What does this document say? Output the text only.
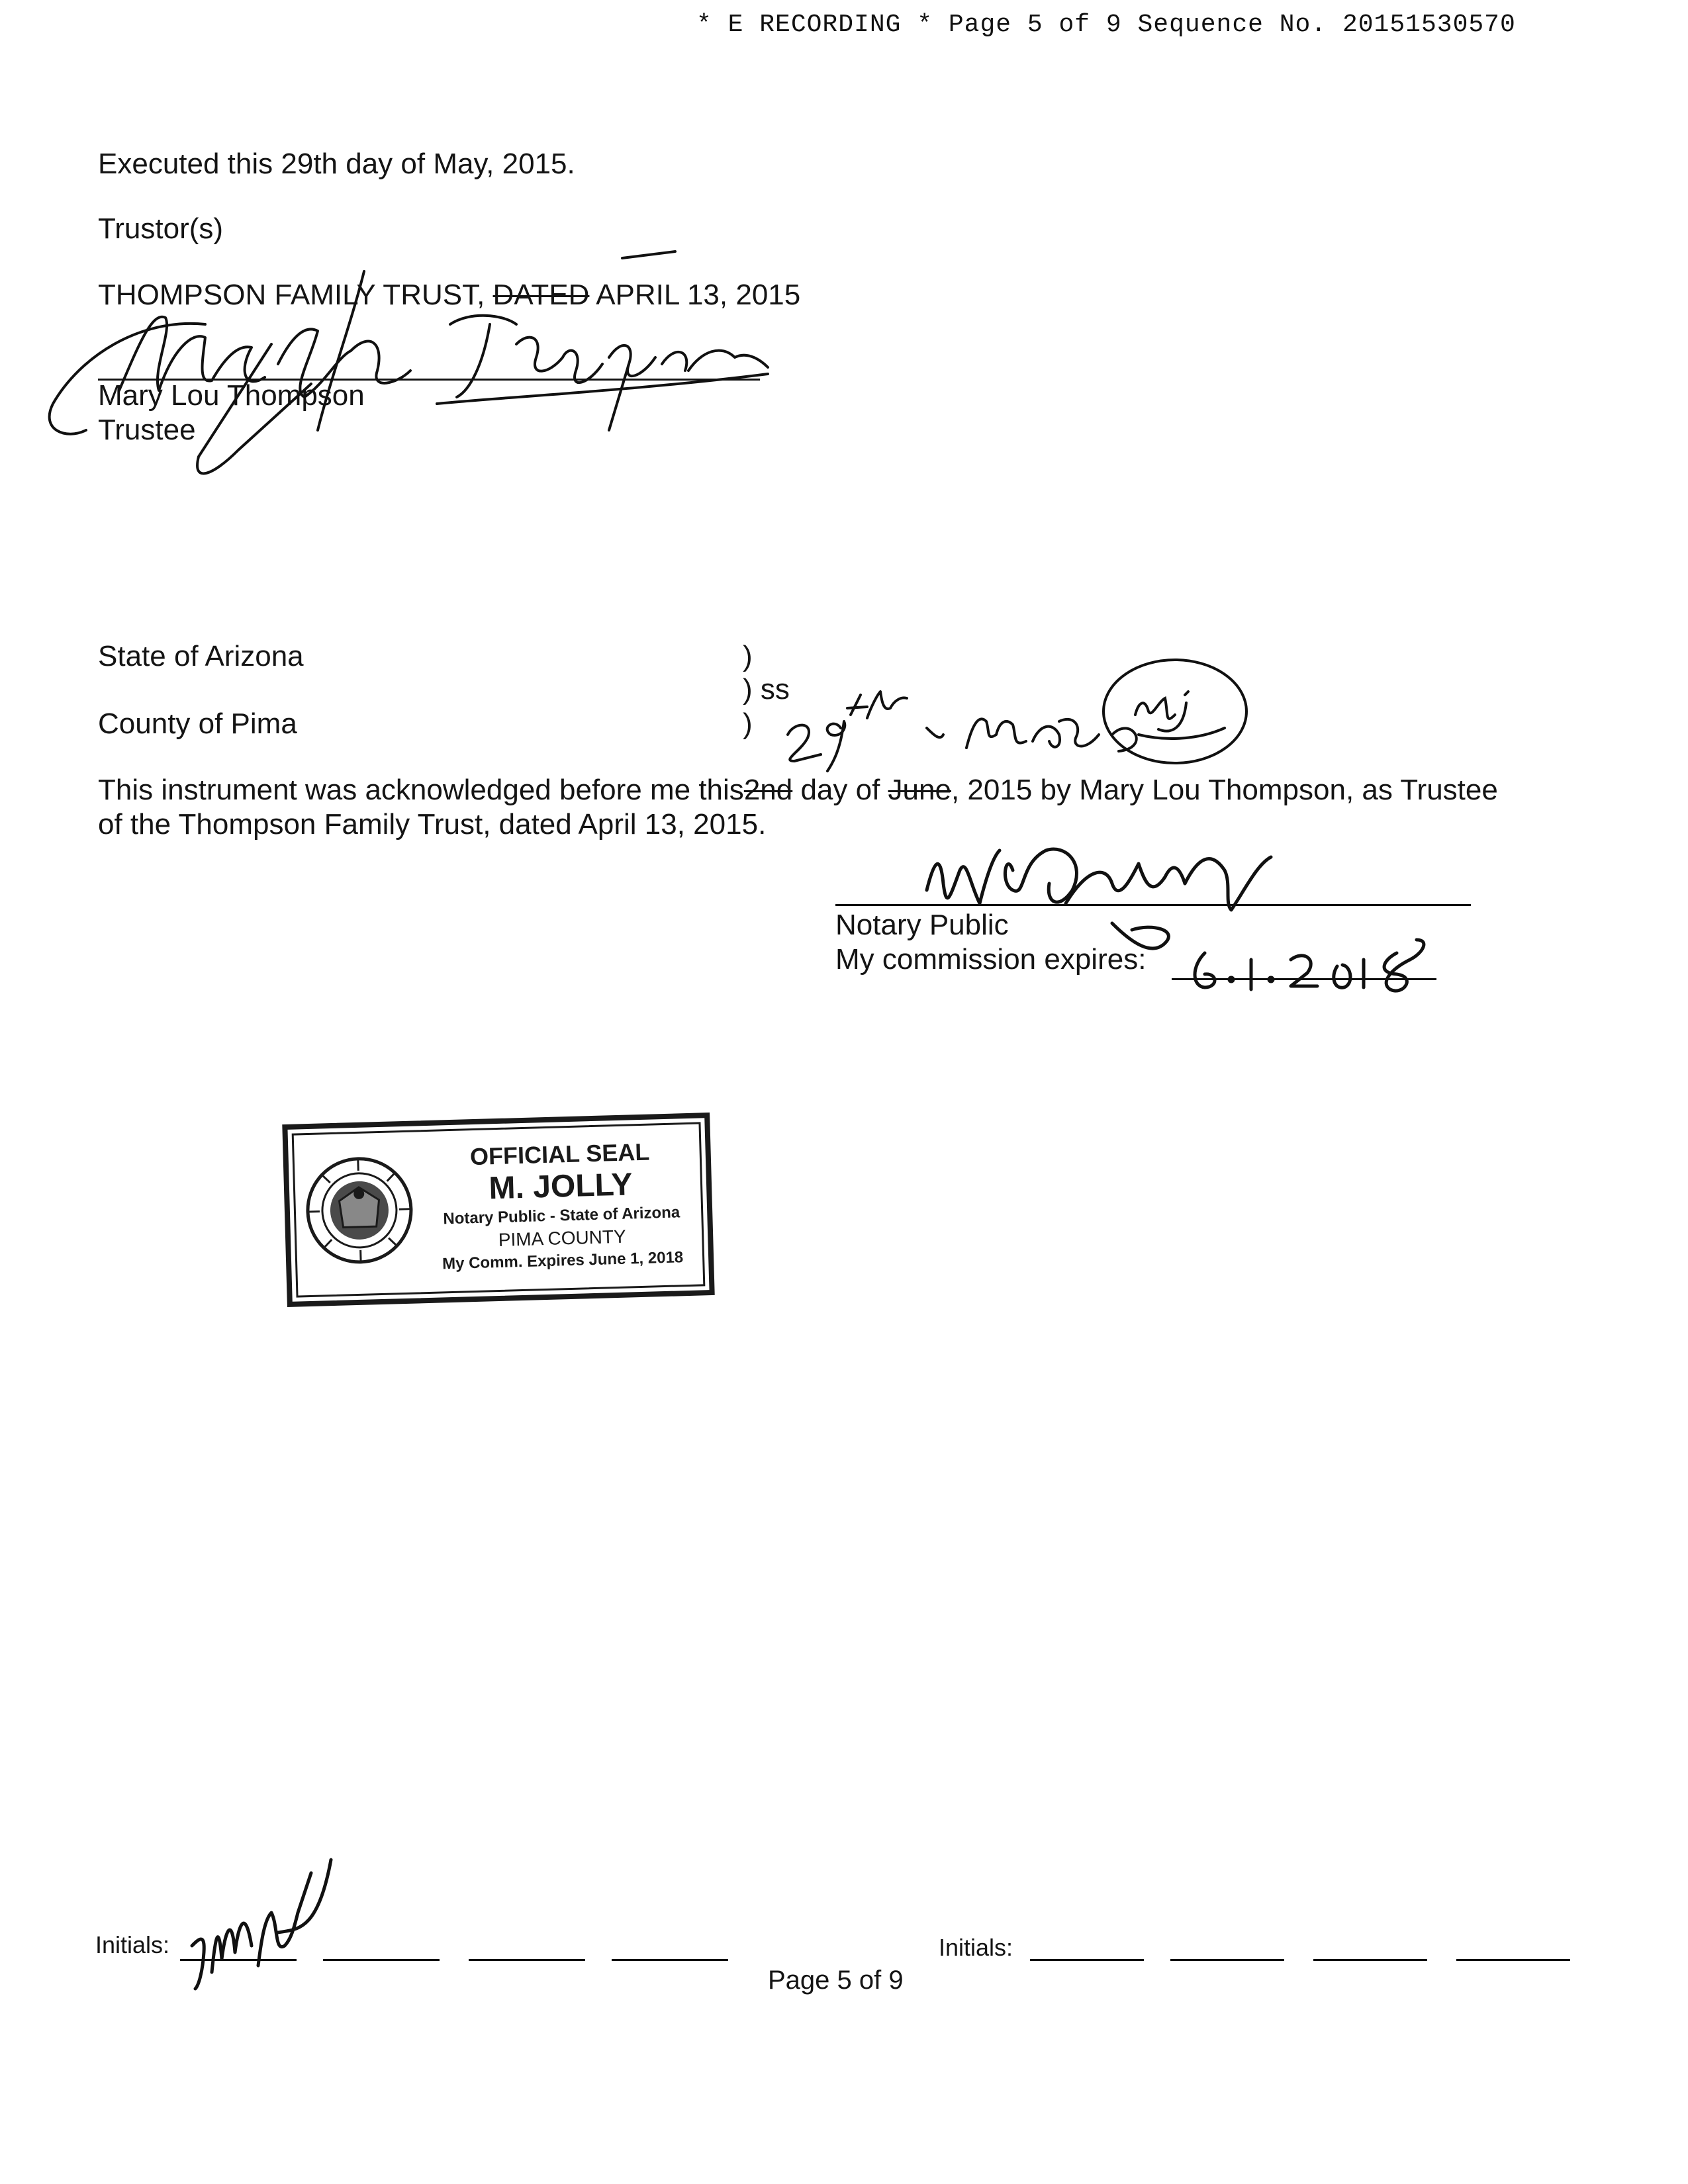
* E RECORDING * Page 5 of 9 Sequence No. 20151530570
Executed this 29th day of May, 2015.
Trustor(s)
THOMPSON FAMILY TRUST, DATED APRIL 13, 2015
Mary Lou Thompson
Trustee
State of Arizona
County of Pima
)
) ss
)
This instrument was acknowledged before me this2nd day of June, 2015 by Mary Lou Thompson, as Trustee
of the Thompson Family Trust, dated April 13, 2015.
Notary Public
My commission expires:
OFFICIAL SEAL
M. JOLLY
Notary Public - State of Arizona
PIMA COUNTY
My Comm. Expires June 1, 2018
Initials:	Initials:
Page 5 of 9
